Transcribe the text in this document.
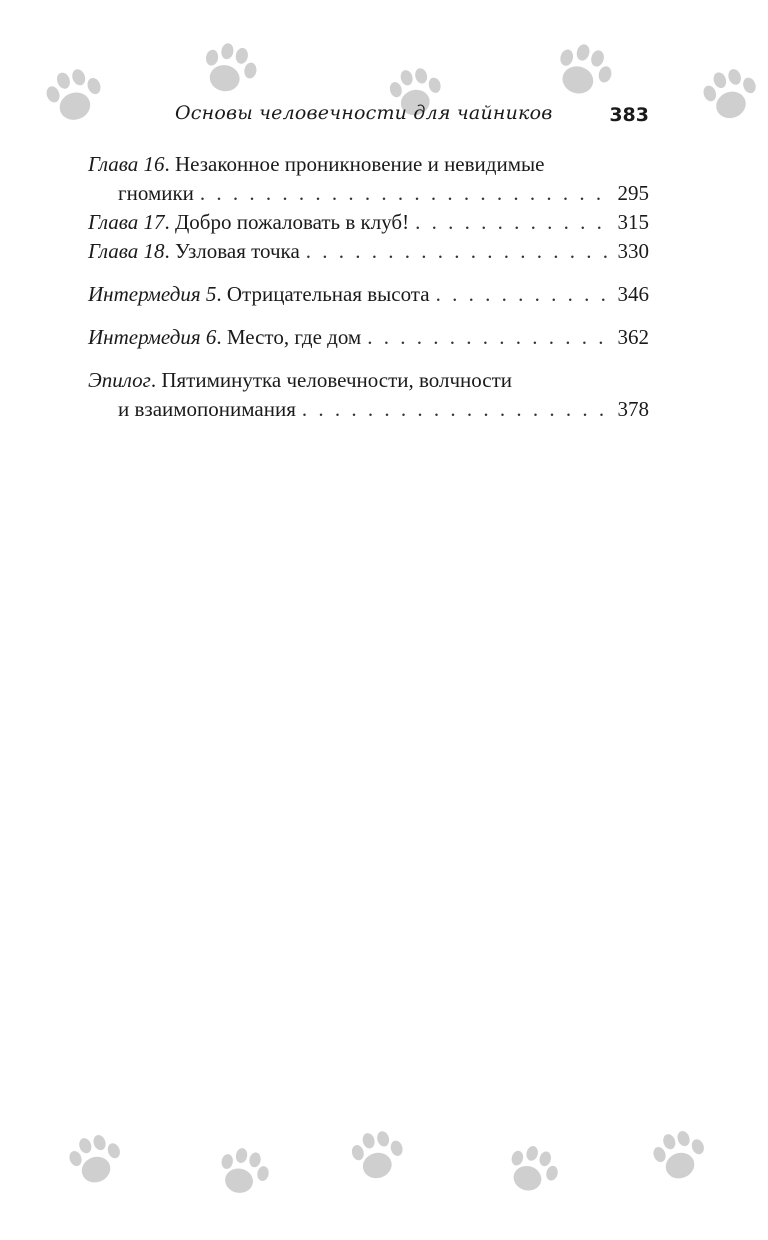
Основы человечности для чайников	383
Глава 16 . Незаконное проникновение и невидимые
гномики . . .	295
Глава 17 . Добро пожаловать в клуб! . . .	315
Глава 18 . Узловая точка . . .	330
Интермедия 5 . Отрицательная высота . . .	346
Интермедия 6 . Место, где дом . . .	362
Эпилог . Пятиминутка человечности, волчности
и взаимопонимания . . .	378
